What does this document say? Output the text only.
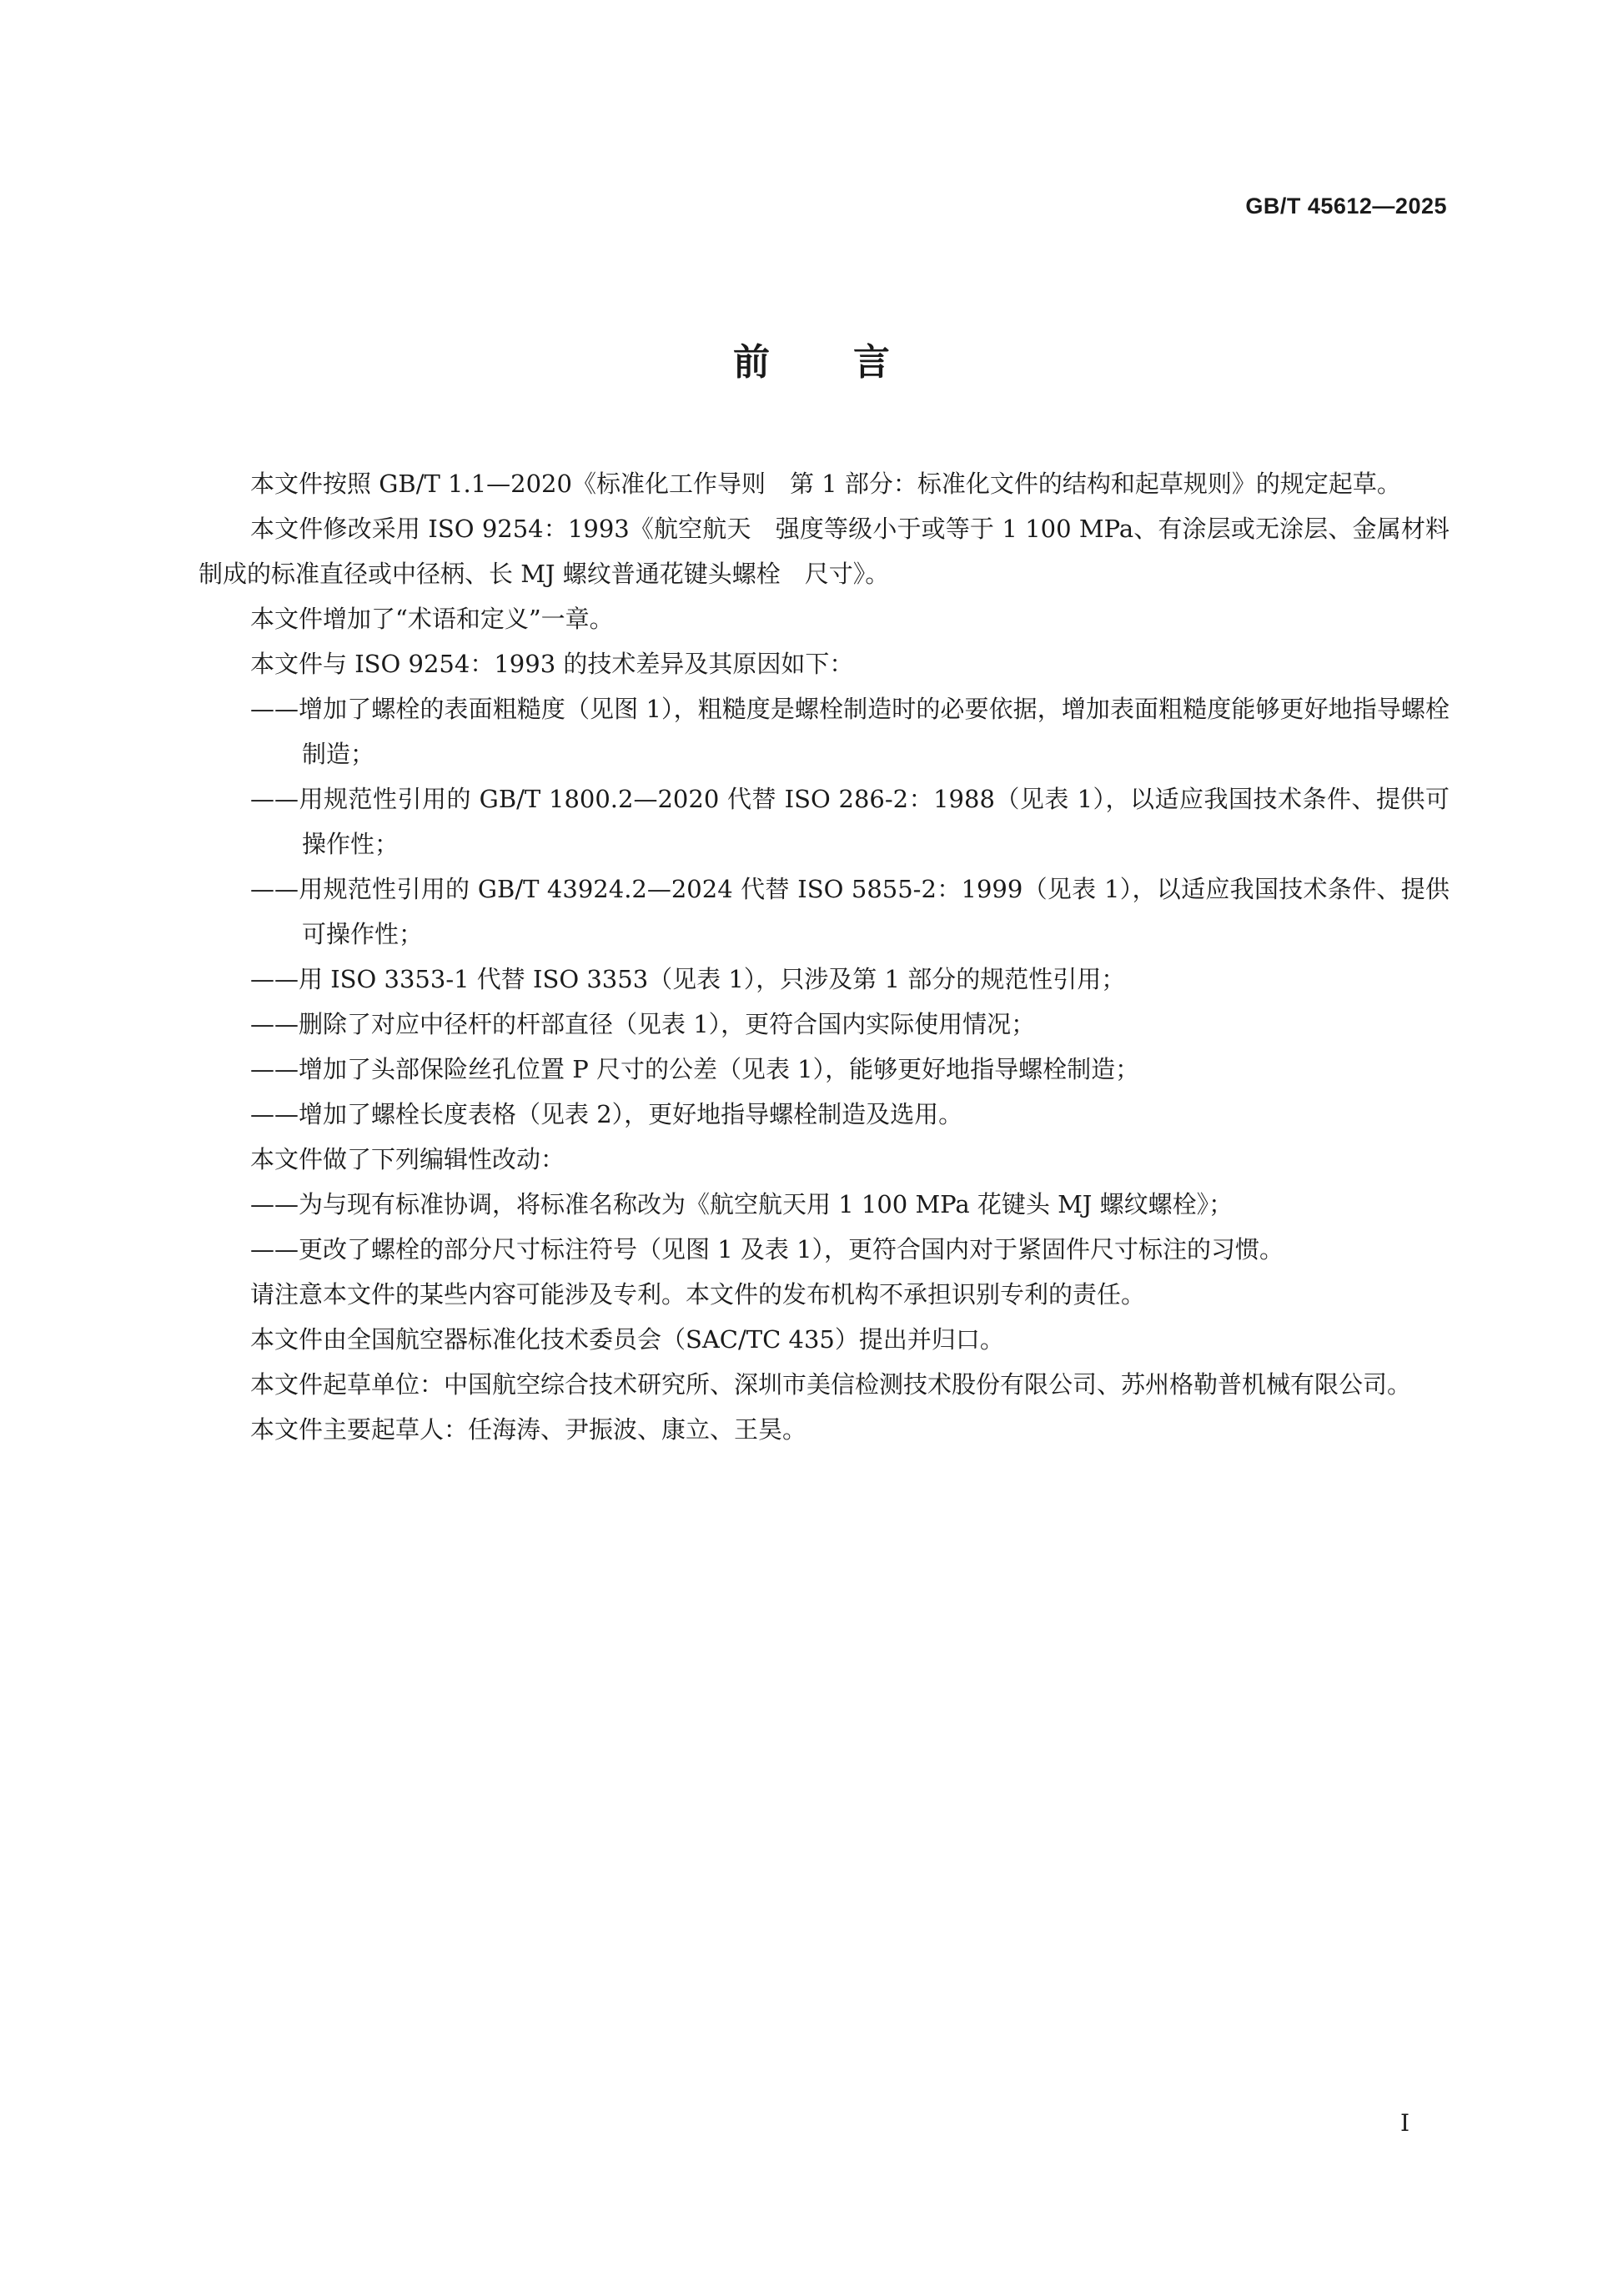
GB/T 45612—2025
前言

本文件按照 GB/T 1.1—2020《标准化工作导则　第 1 部分：标准化文件的结构和起草规则》的规定起草。

本文件修改采用 ISO 9254：1993《航空航天　强度等级小于或等于 1 100 MPa、有涂层或无涂层、金属材料制成的标准直径或中径柄、长 MJ 螺纹普通花键头螺栓　尺寸》。

本文件增加了“术语和定义”一章。

本文件与 ISO 9254：1993 的技术差异及其原因如下：

——增加了螺栓的表面粗糙度（见图 1），粗糙度是螺栓制造时的必要依据，增加表面粗糙度能够更好地指导螺栓制造；

——用规范性引用的 GB/T 1800.2—2020 代替 ISO 286-2：1988（见表 1），以适应我国技术条件、提供可操作性；

——用规范性引用的 GB/T 43924.2—2024 代替 ISO 5855-2：1999（见表 1），以适应我国技术条件、提供可操作性；

——用 ISO 3353-1 代替 ISO 3353（见表 1），只涉及第 1 部分的规范性引用；

——删除了对应中径杆的杆部直径（见表 1），更符合国内实际使用情况；

——增加了头部保险丝孔位置 P 尺寸的公差（见表 1），能够更好地指导螺栓制造；

——增加了螺栓长度表格（见表 2），更好地指导螺栓制造及选用。

本文件做了下列编辑性改动：

——为与现有标准协调，将标准名称改为《航空航天用 1 100 MPa 花键头 MJ 螺纹螺栓》；

——更改了螺栓的部分尺寸标注符号（见图 1 及表 1），更符合国内对于紧固件尺寸标注的习惯。

请注意本文件的某些内容可能涉及专利。本文件的发布机构不承担识别专利的责任。

本文件由全国航空器标准化技术委员会（SAC/TC 435）提出并归口。

本文件起草单位：中国航空综合技术研究所、深圳市美信检测技术股份有限公司、苏州格勒普机械有限公司。

本文件主要起草人：任海涛、尹振波、康立、王昊。

I
